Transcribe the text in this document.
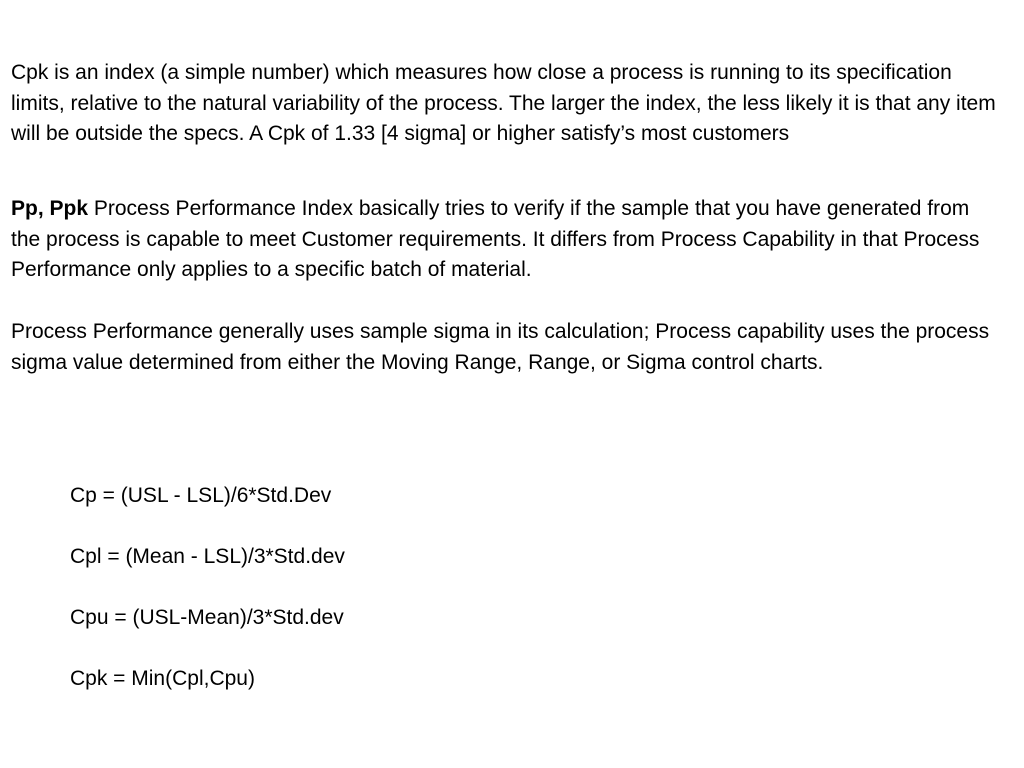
Cpk is an index (a simple number) which measures how close a process is running to its specification limits, relative to the natural variability of the process. The larger the index, the less likely it is that any item will be outside the specs. A Cpk of 1.33 [4 sigma] or higher satisfy’s most customers

Pp, Ppk Process Performance Index basically tries to verify if the sample that you have generated from the process is capable to meet Customer requirements. It differs from Process Capability in that Process Performance only applies to a specific batch of material.

Process Performance generally uses sample sigma in its calculation; Process capability uses the process sigma value determined from either the Moving Range, Range, or Sigma control charts.

Cp = (USL - LSL)/6*Std.Dev

Cpl = (Mean - LSL)/3*Std.dev

Cpu = (USL-Mean)/3*Std.dev

Cpk = Min(Cpl,Cpu)
